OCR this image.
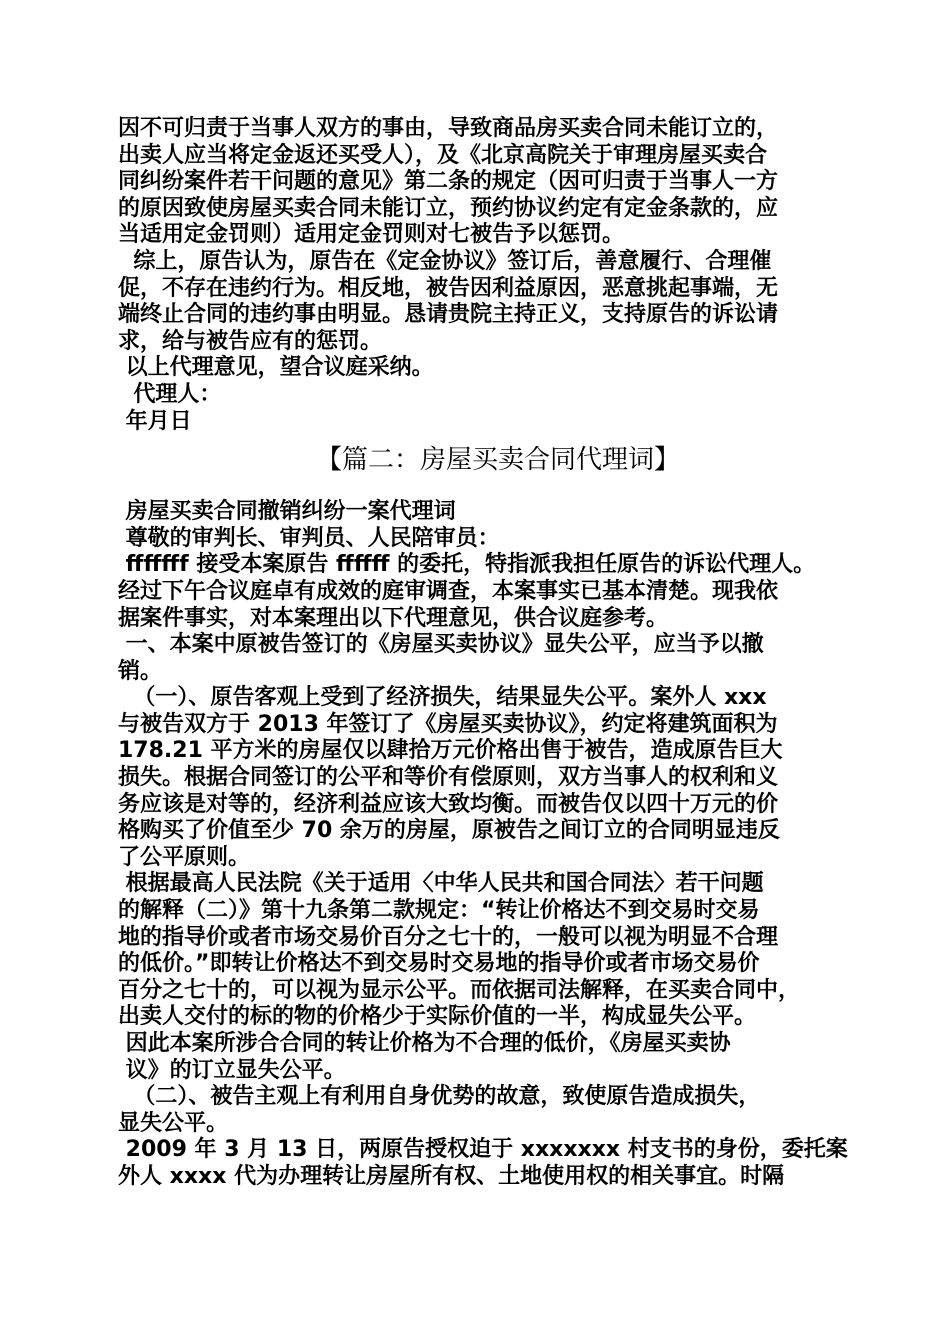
因不可归责于当事人双方的事由，导致商品房买卖合同未能订立的，

出卖人应当将定金返还买受人），及《北京高院关于审理房屋买卖合

同纠纷案件若干问题的意见》第二条的规定（因可归责于当事人一方

的原因致使房屋买卖合同未能订立，预约协议约定有定金条款的，应

当适用定金罚则）适用定金罚则对七被告予以惩罚。

综上，原告认为，原告在《定金协议》签订后，善意履行、合理催

促，不存在违约行为。相反地，被告因利益原因，恶意挑起事端，无

端终止合同的违约事由明显。恳请贵院主持正义，支持原告的诉讼请

求，给与被告应有的惩罚。

以上代理意见，望合议庭采纳。

代理人：

年月日

【篇二：房屋买卖合同代理词】

房屋买卖合同撤销纠纷一案代理词

尊敬的审判长、审判员、人民陪审员：

fffffff 接受本案原告 ffffff 的委托，特指派我担任原告的诉讼代理人。

经过下午合议庭卓有成效的庭审调查，本案事实已基本清楚。现我依

据案件事实，对本案理出以下代理意见，供合议庭参考。

一、本案中原被告签订的《房屋买卖协议》显失公平，应当予以撤

销。

（一）、原告客观上受到了经济损失，结果显失公平。案外人 xxx

与被告双方于 2013 年签订了《房屋买卖协议》，约定将建筑面积为

178.21 平方米的房屋仅以肆拾万元价格出售于被告，造成原告巨大

损失。根据合同签订的公平和等价有偿原则，双方当事人的权利和义

务应该是对等的，经济利益应该大致均衡。而被告仅以四十万元的价

格购买了价值至少 70 余万的房屋，原被告之间订立的合同明显违反

了公平原则。

根据最高人民法院《关于适用〈中华人民共和国合同法〉若干问题

的解释（二）》第十九条第二款规定：“转让价格达不到交易时交易

地的指导价或者市场交易价百分之七十的，一般可以视为明显不合理

的低价。”即转让价格达不到交易时交易地的指导价或者市场交易价

百分之七十的，可以视为显示公平。而依据司法解释，在买卖合同中，

出卖人交付的标的物的价格少于实际价值的一半，构成显失公平。

因此本案所涉合合同的转让价格为不合理的低价，《房屋买卖协

议》的订立显失公平。

（二）、被告主观上有利用自身优势的故意，致使原告造成损失，

显失公平。

2009 年 3 月 13 日，两原告授权迫于 xxxxxxx 村支书的身份，委托案

外人 xxxx 代为办理转让房屋所有权、土地使用权的相关事宜。时隔
